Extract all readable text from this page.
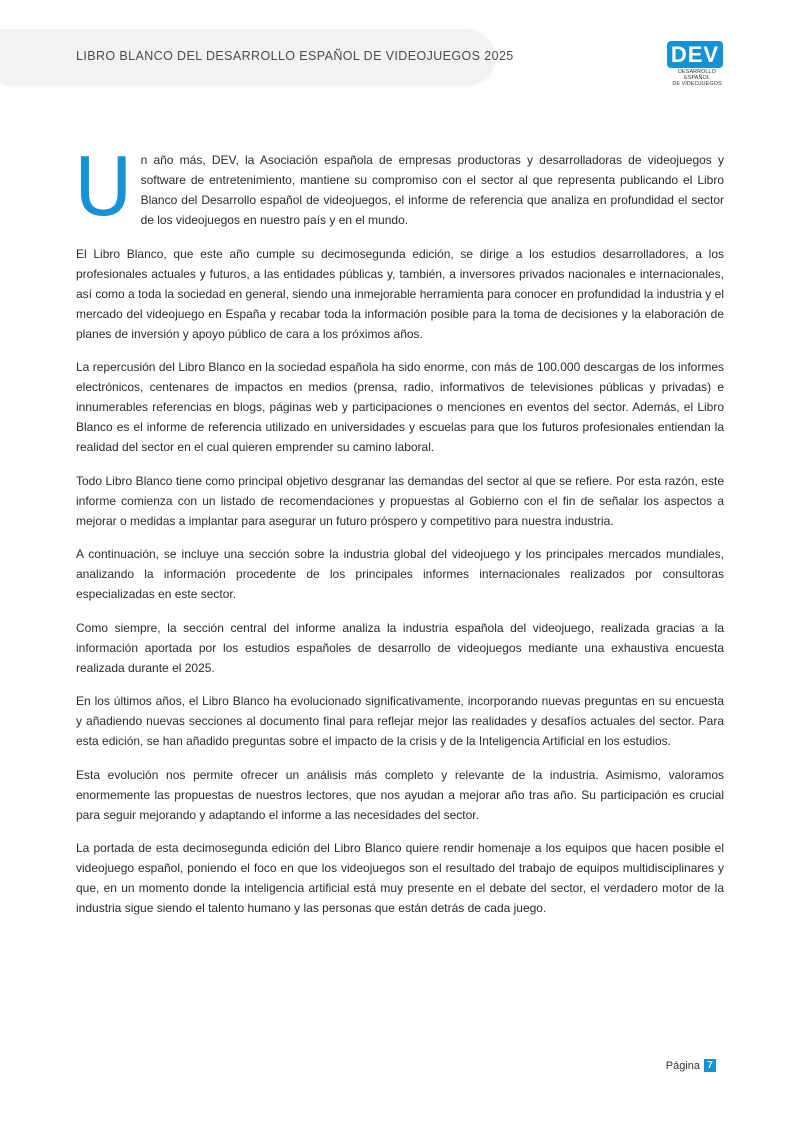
LIBRO BLANCO DEL DESARROLLO ESPAÑOL DE VIDEOJUEGOS 2025	DEV
DESARROLLO ESPAÑOL
DE VIDEOJUEGOS

Un año más, DEV, la Asociación española de empresas productoras y desarrolladoras de videojuegos y software de entretenimiento, mantiene su compromiso con el sector al que representa publicando el Libro Blanco del Desarrollo español de videojuegos, el informe de referencia que analiza en profundidad el sector de los videojuegos en nuestro país y en el mundo.

El Libro Blanco, que este año cumple su decimosegunda edición, se dirige a los estudios desarrolladores, a los profesionales actuales y futuros, a las entidades públicas y, también, a inversores privados nacionales e internacionales, así como a toda la sociedad en general, siendo una inmejorable herramienta para conocer en profundidad la industria y el mercado del videojuego en España y recabar toda la información posible para la toma de decisiones y la elaboración de planes de inversión y apoyo público de cara a los próximos años.

La repercusión del Libro Blanco en la sociedad española ha sido enorme, con más de 100.000 descargas de los informes electrónicos, centenares de impactos en medios (prensa, radio, informativos de televisiones públicas y privadas) e innumerables referencias en blogs, páginas web y participaciones o menciones en eventos del sector. Además, el Libro Blanco es el informe de referencia utilizado en universidades y escuelas para que los futuros profesionales entiendan la realidad del sector en el cual quieren emprender su camino laboral.

Todo Libro Blanco tiene como principal objetivo desgranar las demandas del sector al que se refiere. Por esta razón, este informe comienza con un listado de recomendaciones y propuestas al Gobierno con el fin de señalar los aspectos a mejorar o medidas a implantar para asegurar un futuro próspero y competitivo para nuestra industria.

A continuación, se incluye una sección sobre la industria global del videojuego y los principales mercados mundiales, analizando la información procedente de los principales informes internacionales realizados por consultoras especializadas en este sector.

Como siempre, la sección central del informe analiza la industria española del videojuego, realizada gracias a la información aportada por los estudios españoles de desarrollo de videojuegos mediante una exhaustiva encuesta realizada durante el 2025.

En los últimos años, el Libro Blanco ha evolucionado significativamente, incorporando nuevas preguntas en su encuesta y añadiendo nuevas secciones al documento final para reflejar mejor las realidades y desafíos actuales del sector. Para esta edición, se han añadido preguntas sobre el impacto de la crisis y de la Inteligencia Artificial en los estudios.

Esta evolución nos permite ofrecer un análisis más completo y relevante de la industria. Asimismo, valoramos enormemente las propuestas de nuestros lectores, que nos ayudan a mejorar año tras año. Su participación es crucial para seguir mejorando y adaptando el informe a las necesidades del sector.

La portada de esta decimosegunda edición del Libro Blanco quiere rendir homenaje a los equipos que hacen posible el videojuego español, poniendo el foco en que los videojuegos son el resultado del trabajo de equipos multidisciplinares y que, en un momento donde la inteligencia artificial está muy presente en el debate del sector, el verdadero motor de la industria sigue siendo el talento humano y las personas que están detrás de cada juego.

Página 7
